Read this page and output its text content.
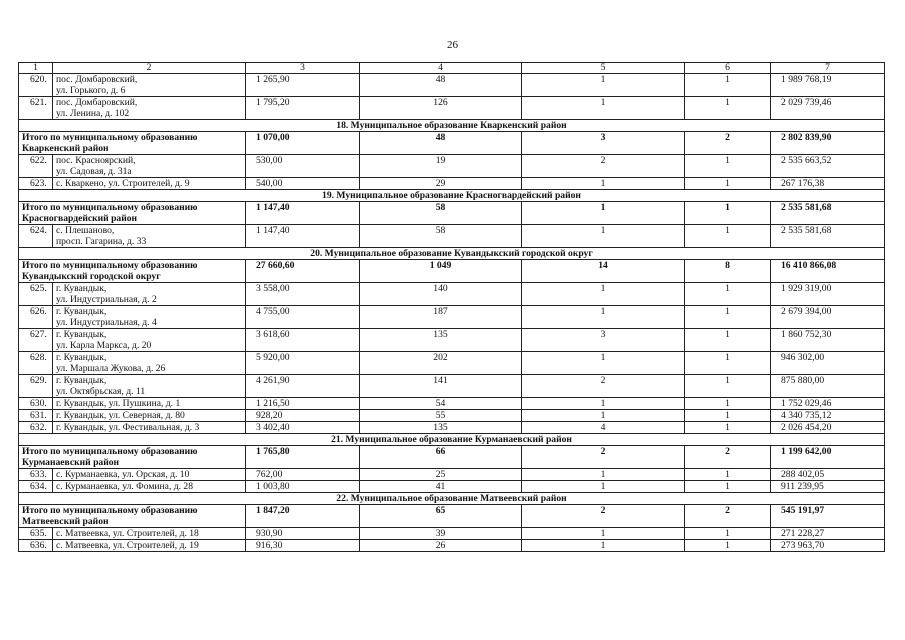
26
1	2	3	4	5	6	7
620.	пос. Домбаровский,
ул. Горького, д. 6	1 265,90	48	1	1	1 989 768,19
621.	пос. Домбаровский,
ул. Ленина, д. 102	1 795,20	126	1	1	2 029 739,46
18. Муниципальное образование Кваркенский район						

Итого по муниципальному образованию
Кваркенский район		1 070,00	48	3	2	2 802 839,90
622.	пос. Красноярский,
ул. Садовая, д. 31а	530,00	19	2	1	2 535 663,52
623.	с. Кваркено, ул. Строителей, д. 9	540,00	29	1	1	267 176,38
19. Муниципальное образование Красногвардейский район						

Итого по муниципальному образованию
Красногвардейский район		1 147,40	58	1	1	2 535 581,68
624.	с. Плешаново,
просп. Гагарина, д. 33	1 147,40	58	1	1	2 535 581,68
20. Муниципальное образование Кувандыкский городской округ						

Итого по муниципальному образованию
Кувандыкский городской округ		27 660,60	1 049	14	8	16 410 866,08
625.	г. Кувандык,
ул. Индустриальная, д. 2	3 558,00	140	1	1	1 929 319,00
626.	г. Кувандык,
ул. Индустриальная, д. 4	4 755,00	187	1	1	2 679 394,00
627.	г. Кувандык,
ул. Карла Маркса, д. 20	3 618,60	135	3	1	1 860 752,30
628.	г. Кувандык,
ул. Маршала Жукова, д. 26	5 920,00	202	1	1	946 302,00
629.	г. Кувандык,
ул. Октябрьская, д. 11	4 261,90	141	2	1	875 880,00
630.	г. Кувандык, ул. Пушкина, д. 1	1 216,50	54	1	1	1 752 029,46
631.	г. Кувандык, ул. Северная, д. 80	928,20	55	1	1	4 340 735,12
632.	г. Кувандык, ул. Фестивальная, д. 3	3 402,40	135	4	1	2 026 454,20
21. Муниципальное образование Курманаевский район						

Итого по муниципальному образованию
Курманаевский район		1 765,80	66	2	2	1 199 642,00
633.	с. Курманаевка, ул. Орская, д. 10	762,00	25	1	1	288 402,05
634.	с. Курманаевка, ул. Фомина, д. 28	1 003,80	41	1	1	911 239,95
22. Муниципальное образование Матвеевский район						

Итого по муниципальному образованию
Матвеевский район		1 847,20	65	2	2	545 191,97
635.	с. Матвеевка, ул. Строителей, д. 18	930,90	39	1	1	271 228,27
636.	с. Матвеевка, ул. Строителей, д. 19	916,30	26	1	1	273 963,70
